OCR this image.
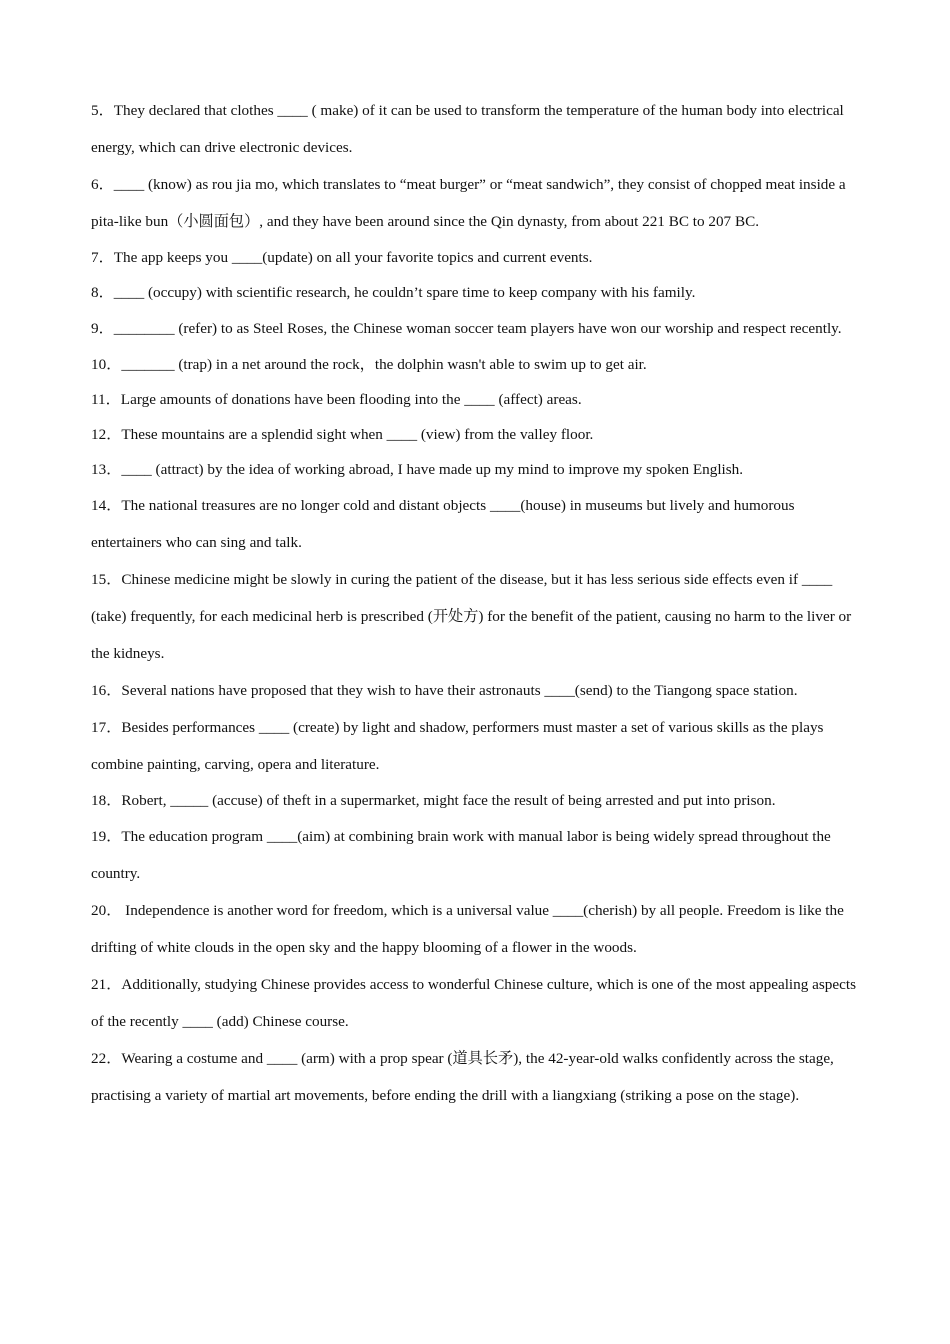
5．They declared that clothes ____ ( make) of it can be used to transform the temperature of the human body into electrical energy, which can drive electronic devices.

6．____ (know) as rou jia mo, which translates to “meat burger” or “meat sandwich”, they consist of chopped meat inside a pita-like bun（小圆面包）, and they have been around since the Qin dynasty, from about 221 BC to 207 BC.

7．The app keeps you ____(update) on all your favorite topics and current events.

8．____ (occupy) with scientific research, he couldn’t spare time to keep company with his family.

9．________ (refer) to as Steel Roses, the Chinese woman soccer team players have won our worship and respect recently.

10．_______ (trap) in a net around the rock，the dolphin wasn't able to swim up to get air.

11．Large amounts of donations have been flooding into the ____ (affect) areas.

12．These mountains are a splendid sight when ____ (view) from the valley floor.

13．____ (attract) by the idea of working abroad, I have made up my mind to improve my spoken English.

14．The national treasures are no longer cold and distant objects ____(house) in museums but lively and humorous entertainers who can sing and talk.

15．Chinese medicine might be slowly in curing the patient of the disease, but it has less serious side effects even if ____ (take) frequently, for each medicinal herb is prescribed (开处方) for the benefit of the patient, causing no harm to the liver or the kidneys.

16．Several nations have proposed that they wish to have their astronauts ____(send) to the Tiangong space station.

17．Besides performances ____ (create) by light and shadow, performers must master a set of various skills as the plays combine painting, carving, opera and literature.

18．Robert, _____ (accuse) of theft in a supermarket, might face the result of being arrested and put into prison.

19．The education program ____(aim) at combining brain work with manual labor is being widely spread throughout the country.

20． Independence is another word for freedom, which is a universal value ____(cherish) by all people. Freedom is like the drifting of white clouds in the open sky and the happy blooming of a flower in the woods.

21．Additionally, studying Chinese provides access to wonderful Chinese culture, which is one of the most appealing aspects of the recently ____ (add) Chinese course.

22．Wearing a costume and ____ (arm) with a prop spear (道具长矛), the 42-year-old walks confidently across the stage, practising a variety of martial art movements, before ending the drill with a liangxiang (striking a pose on the stage).
